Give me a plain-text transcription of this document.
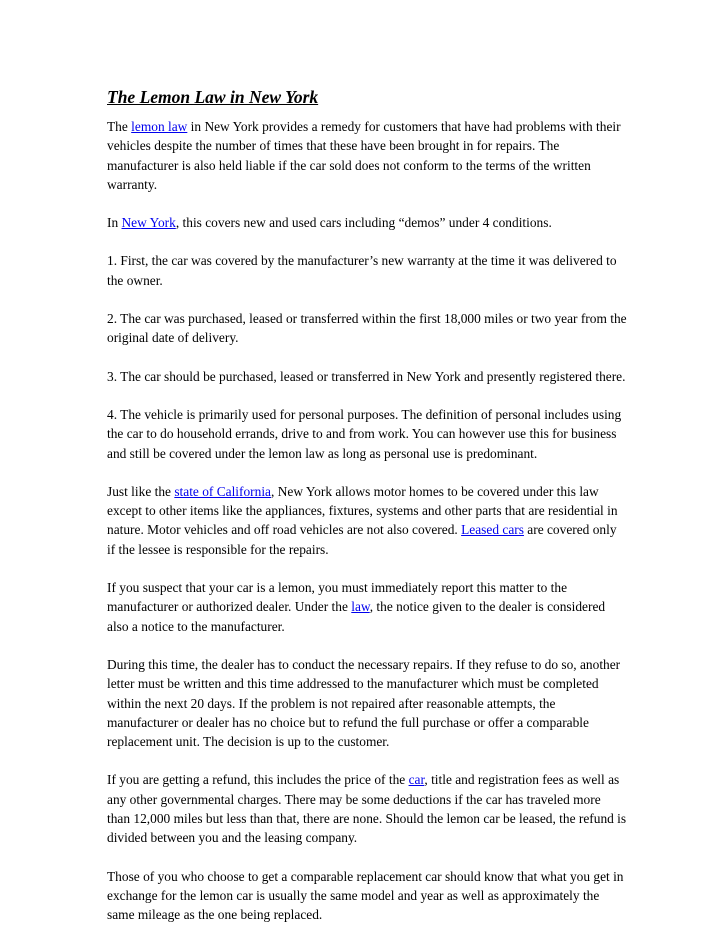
The Lemon Law in New York

The lemon law in New York provides a remedy for customers that have had problems with their vehicles despite the number of times that these have been brought in for repairs. The manufacturer is also held liable if the car sold does not conform to the terms of the written warranty.

In New York, this covers new and used cars including “demos” under 4 conditions.

1. First, the car was covered by the manufacturer’s new warranty at the time it was delivered to the owner.

2. The car was purchased, leased or transferred within the first 18,000 miles or two year from the original date of delivery.

3. The car should be purchased, leased or transferred in New York and presently registered there.

4. The vehicle is primarily used for personal purposes. The definition of personal includes using the car to do household errands, drive to and from work. You can however use this for business and still be covered under the lemon law as long as personal use is predominant.

Just like the state of California, New York allows motor homes to be covered under this law except to other items like the appliances, fixtures, systems and other parts that are residential in nature. Motor vehicles and off road vehicles are not also covered. Leased cars are covered only if the lessee is responsible for the repairs.

If you suspect that your car is a lemon, you must immediately report this matter to the manufacturer or authorized dealer. Under the law, the notice given to the dealer is considered also a notice to the manufacturer.

During this time, the dealer has to conduct the necessary repairs. If they refuse to do so, another letter must be written and this time addressed to the manufacturer which must be completed within the next 20 days. If the problem is not repaired after reasonable attempts, the manufacturer or dealer has no choice but to refund the full purchase or offer a comparable replacement unit. The decision is up to the customer.

If you are getting a refund, this includes the price of the car, title and registration fees as well as any other governmental charges. There may be some deductions if the car has traveled more than 12,000 miles but less than that, there are none. Should the lemon car be leased, the refund is divided between you and the leasing company.

Those of you who choose to get a comparable replacement car should know that what you get in exchange for the lemon car is usually the same model and year as well as approximately the same mileage as the one being replaced.
